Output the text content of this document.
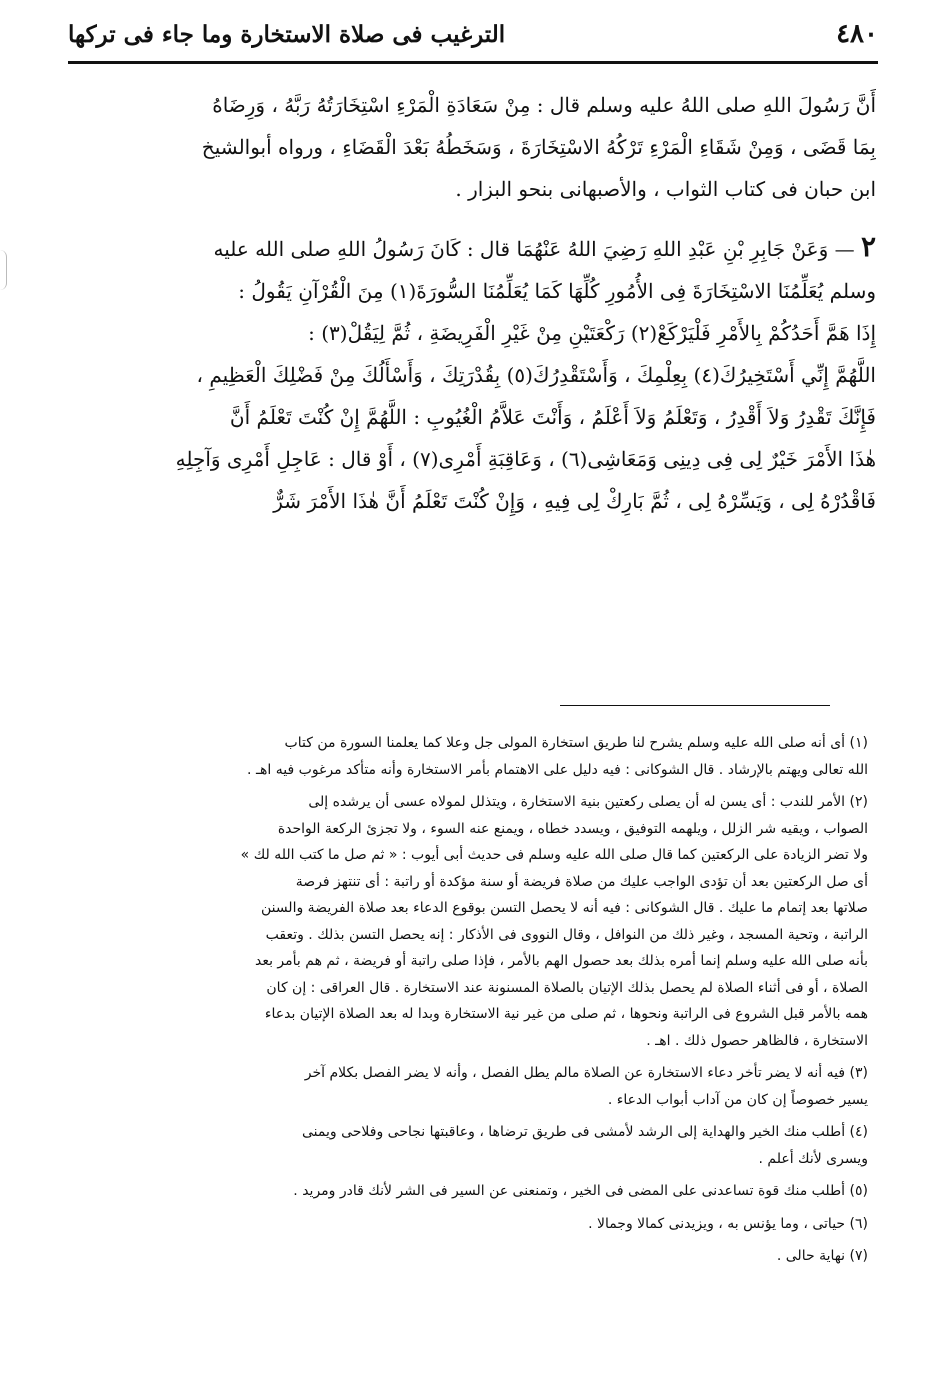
الترغيب فى صلاة الاستخارة وما جاء فى تركها	٤٨٠
أَنَّ رَسُولَ اللهِ صلى اللهُ عليه وسلم قال : مِنْ سَعَادَةِ الْمَرْءِ اسْتِخَارَتُهُ رَبَّهُ ، وَرِضَاهُ
بِمَا قَضَى ، وَمِنْ شَقَاءِ الْمَرْءِ تَرْكُهُ الاسْتِخَارَةَ ، وَسَخَطُهُ بَعْدَ الْقَضَاءِ ، ورواه أبوالشيخ
ابن حبان فى كتاب الثواب ، والأصبهانى بنحو البزار .
٢ — وَعَنْ جَابِرِ بْنِ عَبْدِ اللهِ رَضِيَ اللهُ عَنْهُمَا قال : كَانَ رَسُولُ اللهِ صلى الله عليه
وسلم يُعَلِّمُنَا الاسْتِخَارَةَ فِى الأُمُورِ كُلِّهَا كَمَا يُعَلِّمُنَا السُّورَةَ(١) مِنَ الْقُرْآنِ يَقُولُ :
إِذَا هَمَّ أَحَدُكُمْ بِالأَمْرِ فَلْيَرْكَعْ(٢) رَكْعَتَيْنِ مِنْ غَيْرِ الْفَرِيضَةِ ، ثُمَّ لِيَقُلْ(٣) :
اللَّهُمَّ إِنِّي أَسْتَخِيرُكَ(٤) بِعِلْمِكَ ، وَأَسْتَقْدِرُكَ(٥) بِقُدْرَتِكَ ، وَأَسْأَلُكَ مِنْ فَضْلِكَ الْعَظِيمِ ،
فَإِنَّكَ تَقْدِرُ وَلاَ أَقْدِرُ ، وَتَعْلَمُ وَلاَ أَعْلَمُ ، وَأَنْتَ عَلاَّمُ الْغُيُوبِ : اللَّهُمَّ إِنْ كُنْتَ تَعْلَمُ أَنَّ
هٰذَا الأَمْرَ خَيْرٌ لِى فِى دِينِى وَمَعَاشِى(٦) ، وَعَاقِبَةِ أَمْرِى(٧) ، أَوْ قال : عَاجِلِ أَمْرِى وَآجِلِهِ
فَاقْدُرْهُ لِى ، وَيَسِّرْهُ لِى ، ثُمَّ بَارِكْ لِى فِيهِ ، وَإِنْ كُنْتَ تَعْلَمُ أَنَّ هٰذَا الأَمْرَ شَرٌّ
(١) أى أنه صلى الله عليه وسلم يشرح لنا طريق استخارة المولى جل وعلا كما يعلمنا السورة من كتاب
الله تعالى ويهتم بالإرشاد . قال الشوكانى : فيه دليل على الاهتمام بأمر الاستخارة وأنه متأكد مرغوب فيه اهـ .
(٢) الأمر للندب : أى يسن له أن يصلى ركعتين بنية الاستخارة ، ويتذلل لمولاه عسى أن يرشده إلى
الصواب ، ويقيه شر الزلل ، ويلهمه التوفيق ، ويسدد خطاه ، ويمنع عنه السوء ، ولا تجزئ الركعة الواحدة
ولا تضر الزيادة على الركعتين كما قال صلى الله عليه وسلم فى حديث أبى أيوب : « ثم صل ما كتب الله لك »
أى صل الركعتين بعد أن تؤدى الواجب عليك من صلاة فريضة أو سنة مؤكدة أو راتبة : أى تنتهز فرصة
صلاتها بعد إتمام ما عليك . قال الشوكانى : فيه أنه لا يحصل التسن بوقوع الدعاء بعد صلاة الفريضة والسنن
الراتبة ، وتحية المسجد ، وغير ذلك من النوافل ، وقال النووى فى الأذكار : إنه يحصل التسن بذلك . وتعقب
بأنه صلى الله عليه وسلم إنما أمره بذلك بعد حصول الهم بالأمر ، فإذا صلى راتبة أو فريضة ، ثم هم بأمر بعد
الصلاة ، أو فى أثناء الصلاة لم يحصل بذلك الإتيان بالصلاة المسنونة عند الاستخارة . قال العراقى : إن كان
همه بالأمر قبل الشروع فى الراتبة ونحوها ، ثم صلى من غير نية الاستخارة وبدا له بعد الصلاة الإتيان بدعاء
الاستخارة ، فالظاهر حصول ذلك . اهـ .
(٣) فيه أنه لا يضر تأخر دعاء الاستخارة عن الصلاة مالم يطل الفصل ، وأنه لا يضر الفصل بكلام آخر
يسير خصوصاً إن كان من آداب أبواب الدعاء .
(٤) أطلب منك الخير والهداية إلى الرشد لأمشى فى طريق ترضاها ، وعاقبتها نجاحى وفلاحى ويمنى
ويسرى لأنك أعلم .
(٥) أطلب منك قوة تساعدنى على المضى فى الخير ، وتمنعنى عن السير فى الشر لأنك قادر ومريد .
(٦) حياتى ، وما يؤنس به ، ويزيدنى كمالا وجمالا .
(٧) نهاية حالى .
